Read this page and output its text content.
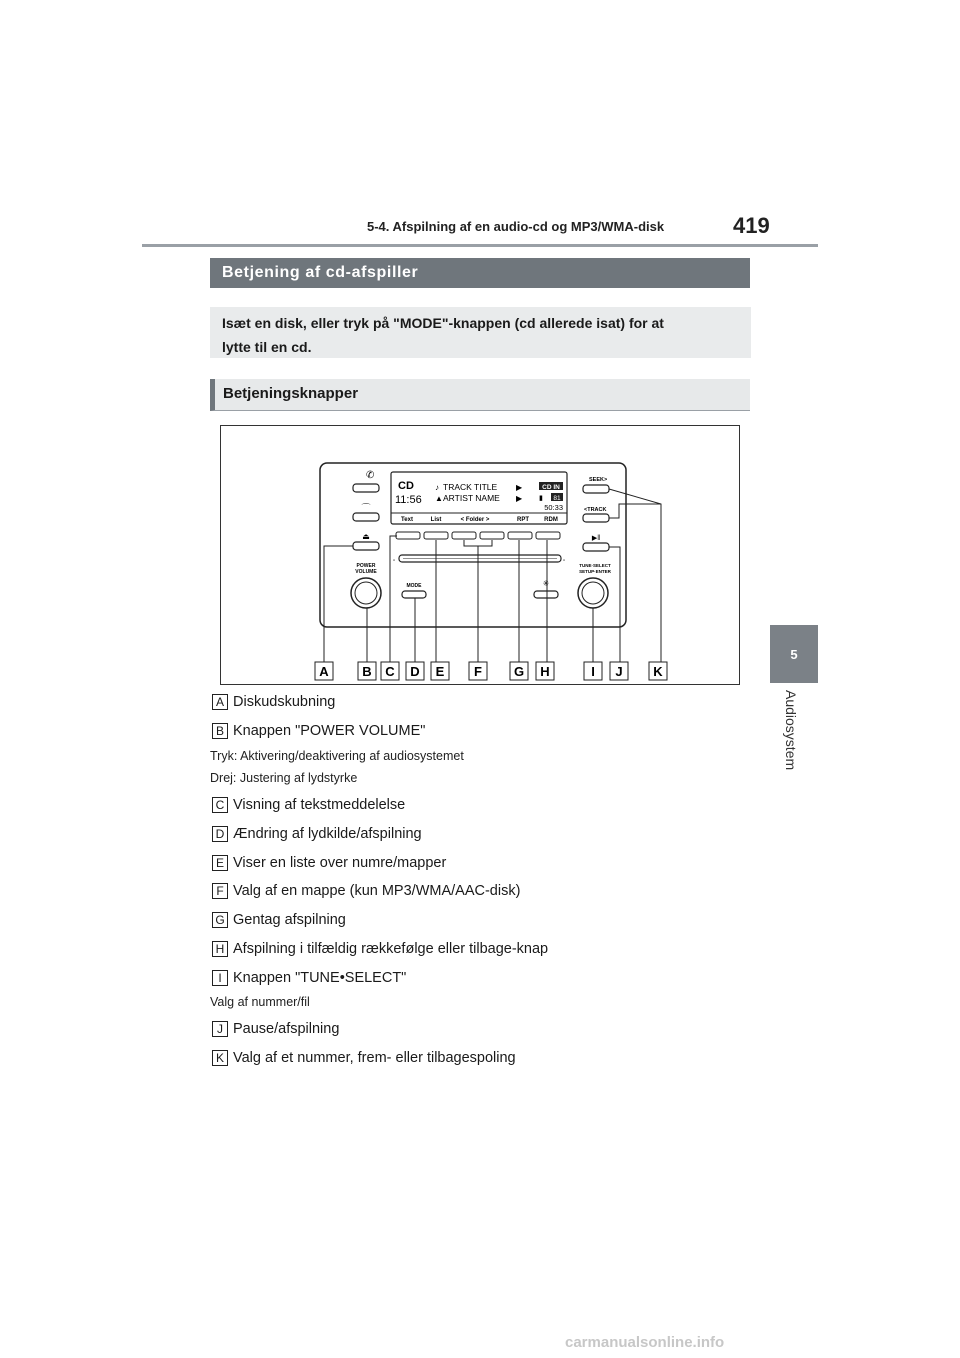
5-4. Afspilning af en audio-cd og MP3/WMA-disk	419
5
Audiosystem
Betjening af cd-afspiller
Isæt en disk, eller tryk på "MODE"-knappen (cd allerede isat) for at
lytte til en cd.
Betjeningsknapper
✆
⌒
⏏
CD
11:56
♪ TRACK TITLE
▲ ARTIST NAME
▶
▶
CD IN
▮ 81
50:33
Text	List	< Folder >	RPT	RDM
▫	▫
POWER
VOLUME
MODE	✳
SEEK>
<TRACK
▶‖
TUNE·SELECT
SETUP·ENTER
A	B C D E F G H	I J K
A Diskudskubning
B Knappen "POWER VOLUME"
Tryk: Aktivering/deaktivering af audiosystemet
Drej: Justering af lydstyrke
C Visning af tekstmeddelelse
D Ændring af lydkilde/afspilning
E Viser en liste over numre/mapper
F Valg af en mappe (kun MP3/WMA/AAC-disk)
G Gentag afspilning
H Afspilning i tilfældig rækkefølge eller tilbage-knap
I Knappen "TUNE•SELECT"
Valg af nummer/fil
J Pause/afspilning
K Valg af et nummer, frem- eller tilbagespoling
carmanualsonline.info
